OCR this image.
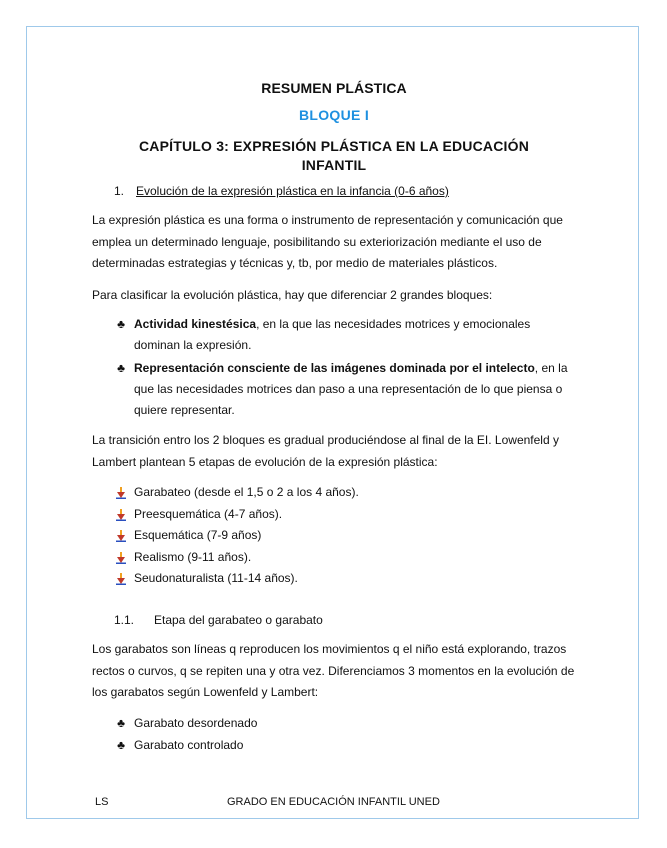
RESUMEN PLÁSTICA
BLOQUE I
CAPÍTULO 3: EXPRESIÓN PLÁSTICA EN LA EDUCACIÓN INFANTIL
1. Evolución de la expresión plástica en la infancia (0-6 años)
La expresión plástica es una forma o instrumento de representación y comunicación que emplea un determinado lenguaje, posibilitando su exteriorización mediante el uso de determinadas estrategias y técnicas y, tb, por medio de materiales plásticos.
Para clasificar la evolución plástica, hay que diferenciar 2 grandes bloques:
♣ Actividad kinestésica, en la que las necesidades motrices y emocionales dominan la expresión.
♣ Representación consciente de las imágenes dominada por el intelecto, en la que las necesidades motrices dan paso a una representación de lo que piensa o quiere representar.
La transición entro los 2 bloques es gradual produciéndose al final de la EI. Lowenfeld y Lambert plantean 5 etapas de evolución de la expresión plástica:
Garabateo (desde el 1,5 o 2 a los 4 años).
Preesquemática (4-7 años).
Esquemática (7-9 años)
Realismo (9-11 años).
Seudonaturalista (11-14 años).
1.1. Etapa del garabateo o garabato
Los garabatos son líneas q reproducen los movimientos q el niño está explorando, trazos rectos o curvos, q se repiten una y otra vez. Diferenciamos 3 momentos en la evolución de los garabatos según Lowenfeld y Lambert:
♣ Garabato desordenado
♣ Garabato controlado
LS	GRADO EN EDUCACIÓN INFANTIL UNED
